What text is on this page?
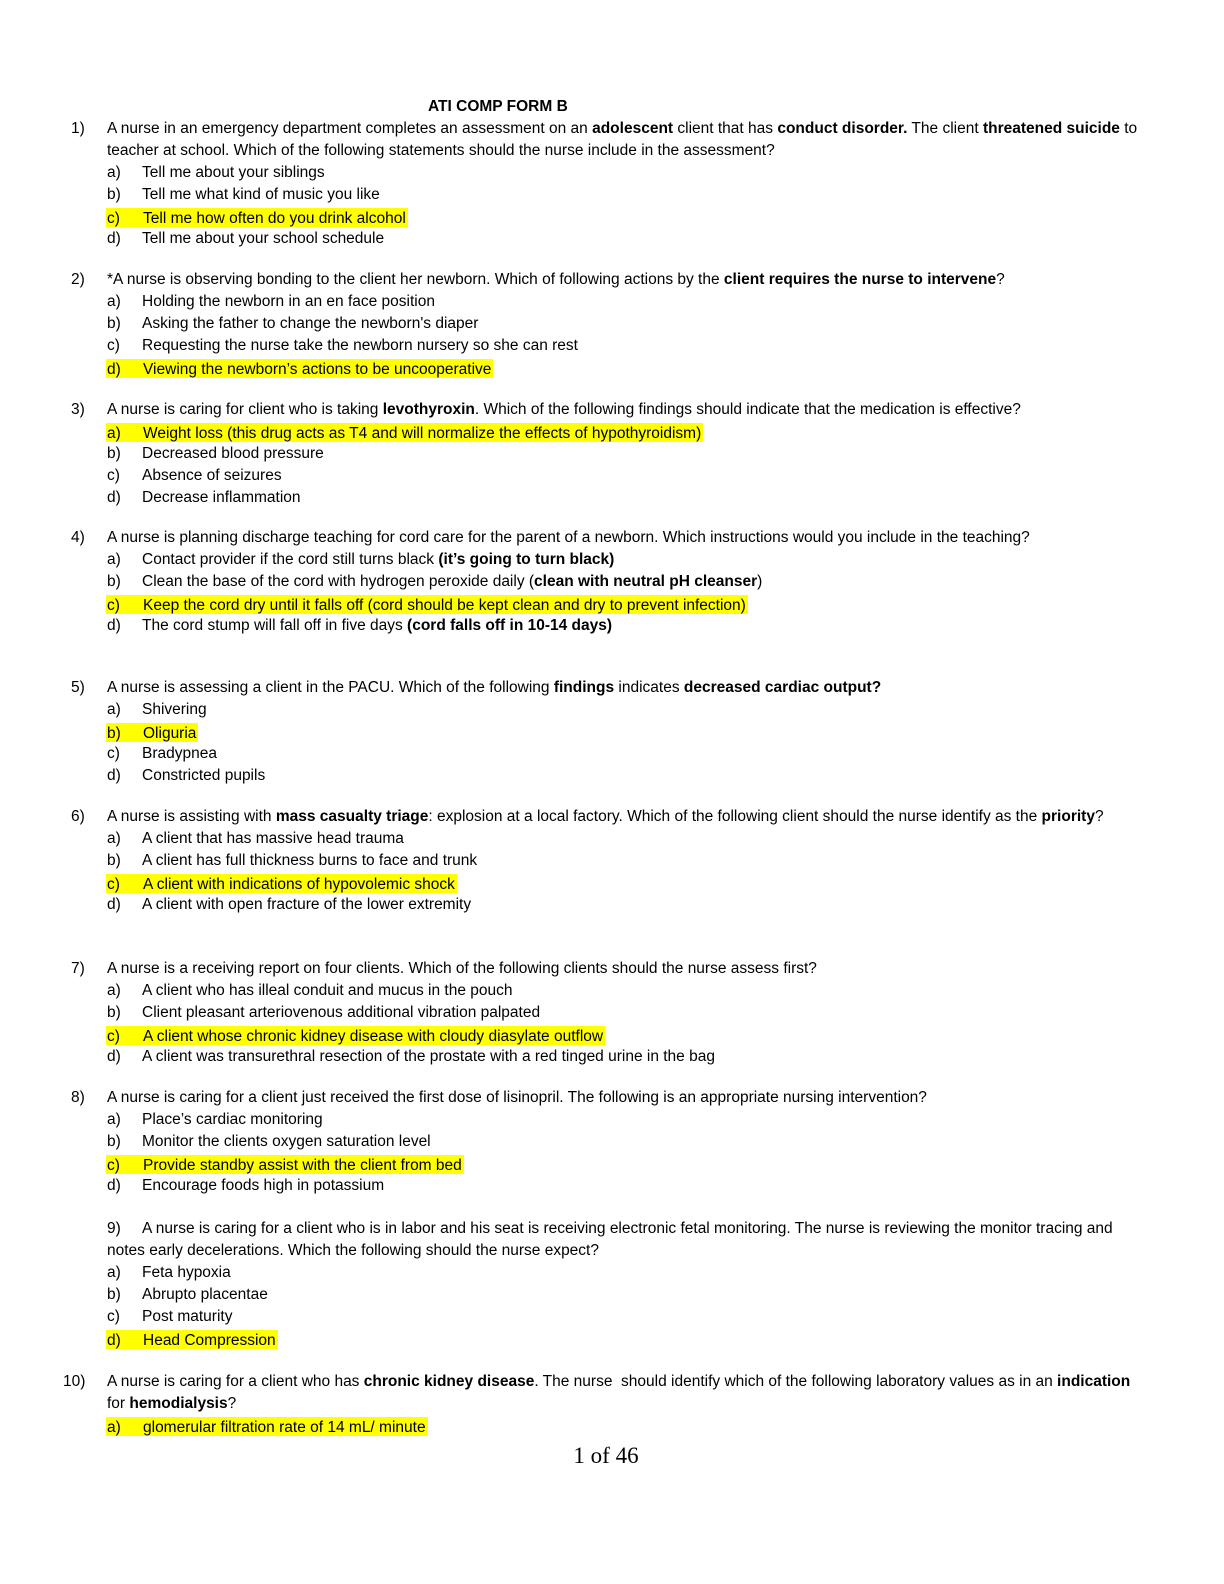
ATI COMP FORM B
1) A nurse in an emergency department completes an assessment on an adolescent client that has conduct disorder. The client threatened suicide to teacher at school. Which of the following statements should the nurse include in the assessment?
a) Tell me about your siblings
b) Tell me what kind of music you like
c) Tell me how often do you drink alcohol
d) Tell me about your school schedule
2) *A nurse is observing bonding to the client her newborn. Which of following actions by the client requires the nurse to intervene?
a) Holding the newborn in an en face position
b) Asking the father to change the newborn's diaper
c) Requesting the nurse take the newborn nursery so she can rest
d) Viewing the newborn’s actions to be uncooperative
3) A nurse is caring for client who is taking levothyroxin. Which of the following findings should indicate that the medication is effective?
a) Weight loss (this drug acts as T4 and will normalize the effects of hypothyroidism)
b) Decreased blood pressure
c) Absence of seizures
d) Decrease inflammation
4) A nurse is planning discharge teaching for cord care for the parent of a newborn. Which instructions would you include in the teaching?
a) Contact provider if the cord still turns black (it’s going to turn black)
b) Clean the base of the cord with hydrogen peroxide daily (clean with neutral pH cleanser)
c) Keep the cord dry until it falls off (cord should be kept clean and dry to prevent infection)
d) The cord stump will fall off in five days (cord falls off in 10-14 days)
5) A nurse is assessing a client in the PACU. Which of the following findings indicates decreased cardiac output?
a) Shivering
b) Oliguria
c) Bradypnea
d) Constricted pupils
6) A nurse is assisting with mass casualty triage: explosion at a local factory. Which of the following client should the nurse identify as the priority?
a) A client that has massive head trauma
b) A client has full thickness burns to face and trunk
c) A client with indications of hypovolemic shock
d) A client with open fracture of the lower extremity
7) A nurse is a receiving report on four clients. Which of the following clients should the nurse assess first?
a) A client who has illeal conduit and mucus in the pouch
b) Client pleasant arteriovenous additional vibration palpated
c) A client whose chronic kidney disease with cloudy diasylate outflow
d) A client was transurethral resection of the prostate with a red tinged urine in the bag
8) A nurse is caring for a client just received the first dose of lisinopril. The following is an appropriate nursing intervention?
a) Place’s cardiac monitoring
b) Monitor the clients oxygen saturation level
c) Provide standby assist with the client from bed
d) Encourage foods high in potassium
9) A nurse is caring for a client who is in labor and his seat is receiving electronic fetal monitoring. The nurse is reviewing the monitor tracing and notes early decelerations. Which the following should the nurse expect?
a) Feta hypoxia
b) Abrupto placentae
c) Post maturity
d) Head Compression
10) A nurse is caring for a client who has chronic kidney disease. The nurse  should identify which of the following laboratory values as in an indication for hemodialysis?
a) glomerular filtration rate of 14 mL/ minute
1 of 46
